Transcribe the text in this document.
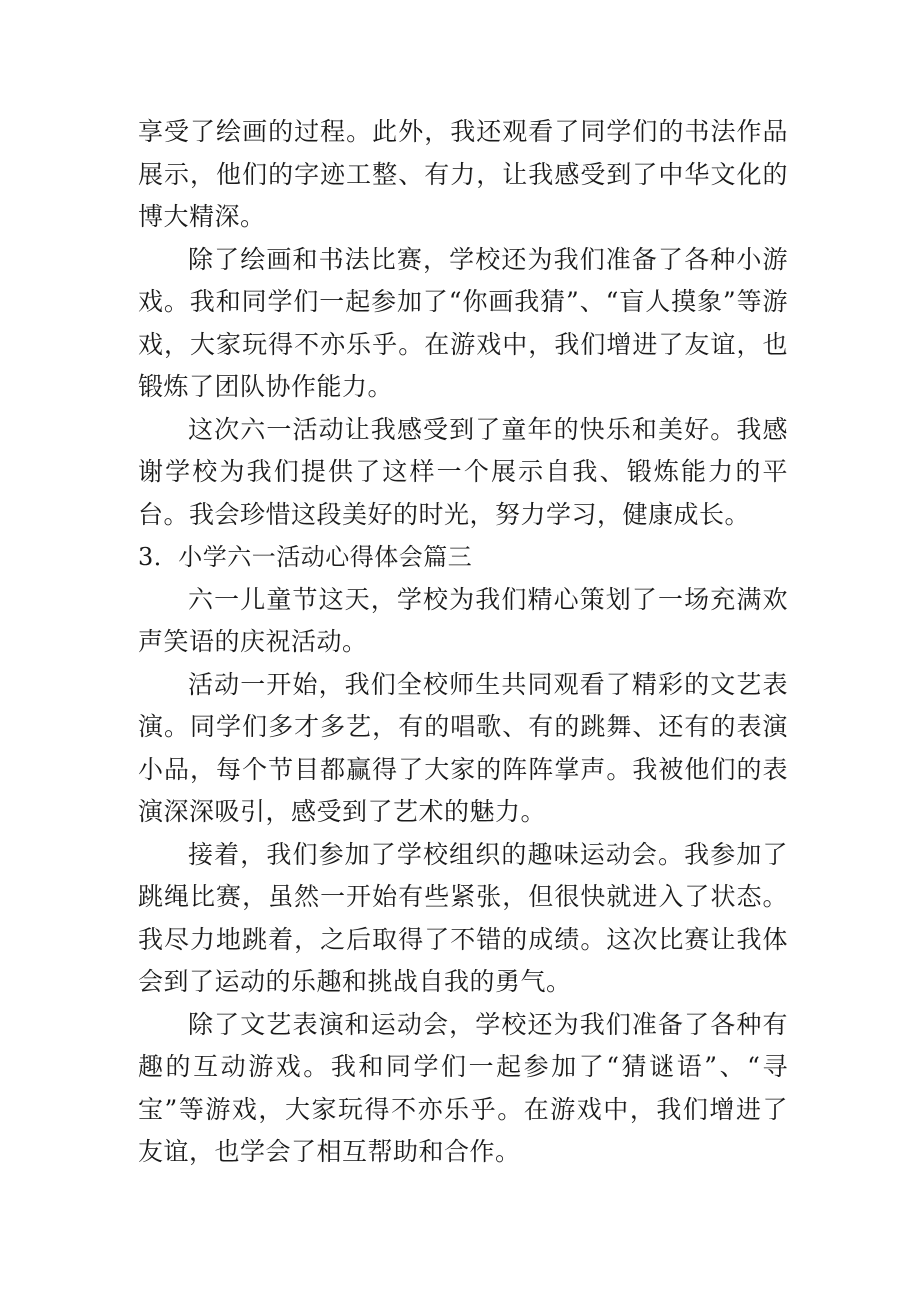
享受了绘画的过程。此外，我还观看了同学们的书法作品展示，他们的字迹工整、有力，让我感受到了中华文化的博大精深。

除了绘画和书法比赛，学校还为我们准备了各种小游戏。我和同学们一起参加了“你画我猜”、“盲人摸象”等游戏，大家玩得不亦乐乎。在游戏中，我们增进了友谊，也锻炼了团队协作能力。

这次六一活动让我感受到了童年的快乐和美好。我感谢学校为我们提供了这样一个展示自我、锻炼能力的平台。我会珍惜这段美好的时光，努力学习，健康成长。

3．小学六一活动心得体会篇三

六一儿童节这天，学校为我们精心策划了一场充满欢声笑语的庆祝活动。

活动一开始，我们全校师生共同观看了精彩的文艺表演。同学们多才多艺，有的唱歌、有的跳舞、还有的表演小品，每个节目都赢得了大家的阵阵掌声。我被他们的表演深深吸引，感受到了艺术的魅力。

接着，我们参加了学校组织的趣味运动会。我参加了跳绳比赛，虽然一开始有些紧张，但很快就进入了状态。我尽力地跳着，之后取得了不错的成绩。这次比赛让我体会到了运动的乐趣和挑战自我的勇气。

除了文艺表演和运动会，学校还为我们准备了各种有趣的互动游戏。我和同学们一起参加了“猜谜语”、“寻宝”等游戏，大家玩得不亦乐乎。在游戏中，我们增进了友谊，也学会了相互帮助和合作。
